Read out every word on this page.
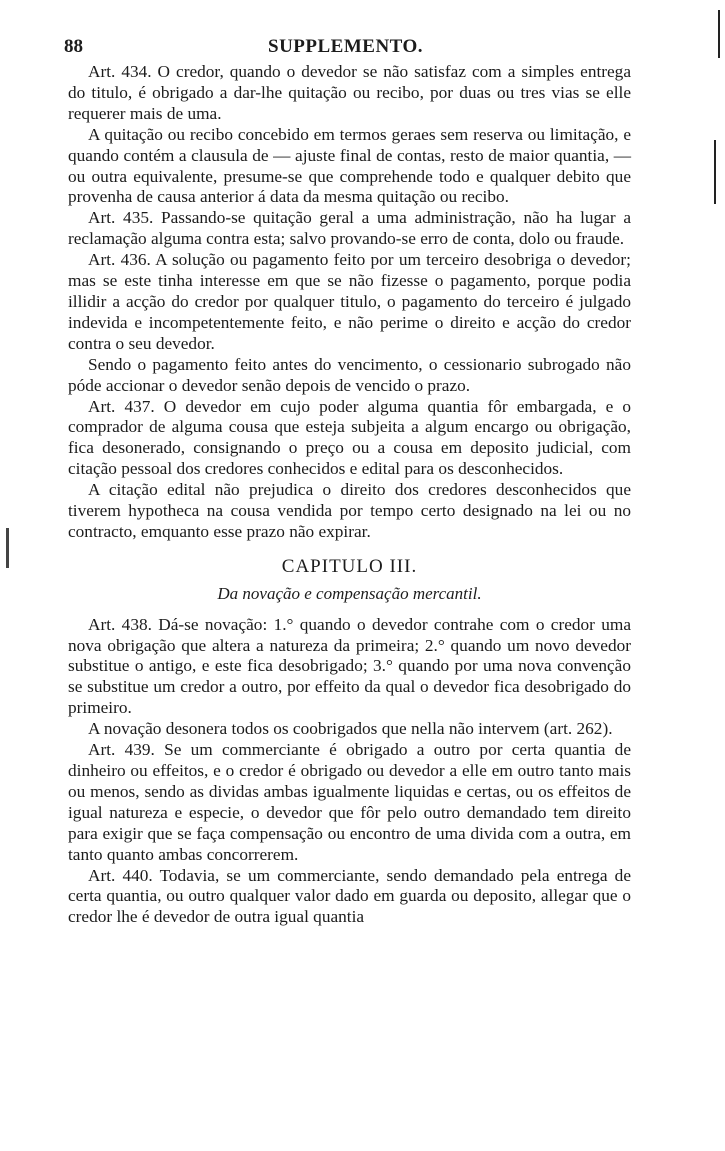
88	SUPPLEMENTO.

Art. 434. O credor, quando o devedor se não satisfaz com a simples entrega do titulo, é obrigado a dar-lhe quitação ou recibo, por duas ou tres vias se elle requerer mais de uma.

A quitação ou recibo concebido em termos geraes sem reserva ou limitação, e quando contém a clausula de — ajuste final de contas, resto de maior quantia, — ou outra equivalente, presume-se que comprehende todo e qualquer debito que provenha de causa anterior á data da mesma quitação ou recibo.

Art. 435. Passando-se quitação geral a uma administração, não ha lugar a reclamação alguma contra esta; salvo provando-se erro de conta, dolo ou fraude.

Art. 436. A solução ou pagamento feito por um terceiro desobriga o devedor; mas se este tinha interesse em que se não fizesse o pagamento, porque podia illidir a acção do credor por qualquer titulo, o pagamento do terceiro é julgado indevida e incompetentemente feito, e não perime o direito e acção do credor contra o seu devedor.

Sendo o pagamento feito antes do vencimento, o cessionario subrogado não póde accionar o devedor senão depois de vencido o prazo.

Art. 437. O devedor em cujo poder alguma quantia fôr embargada, e o comprador de alguma cousa que esteja subjeita a algum encargo ou obrigação, fica desonerado, consignando o preço ou a cousa em deposito judicial, com citação pessoal dos credores conhecidos e edital para os desconhecidos.

A citação edital não prejudica o direito dos credores desconhecidos que tiverem hypotheca na cousa vendida por tempo certo designado na lei ou no contracto, emquanto esse prazo não expirar.

CAPITULO III.
Da novação e compensação mercantil.

Art. 438. Dá-se novação: 1.° quando o devedor contrahe com o credor uma nova obrigação que altera a natureza da primeira; 2.° quando um novo devedor substitue o antigo, e este fica desobrigado; 3.° quando por uma nova convenção se substitue um credor a outro, por effeito da qual o devedor fica desobrigado do primeiro.

A novação desonera todos os coobrigados que nella não intervem (art. 262).

Art. 439. Se um commerciante é obrigado a outro por certa quantia de dinheiro ou effeitos, e o credor é obrigado ou devedor a elle em outro tanto mais ou menos, sendo as dividas ambas igualmente liquidas e certas, ou os effeitos de igual natureza e especie, o devedor que fôr pelo outro demandado tem direito para exigir que se faça compensação ou encontro de uma divida com a outra, em tanto quanto ambas concorrerem.

Art. 440. Todavia, se um commerciante, sendo demandado pela entrega de certa quantia, ou outro qualquer valor dado em guarda ou deposito, allegar que o credor lhe é devedor de outra igual quantia
